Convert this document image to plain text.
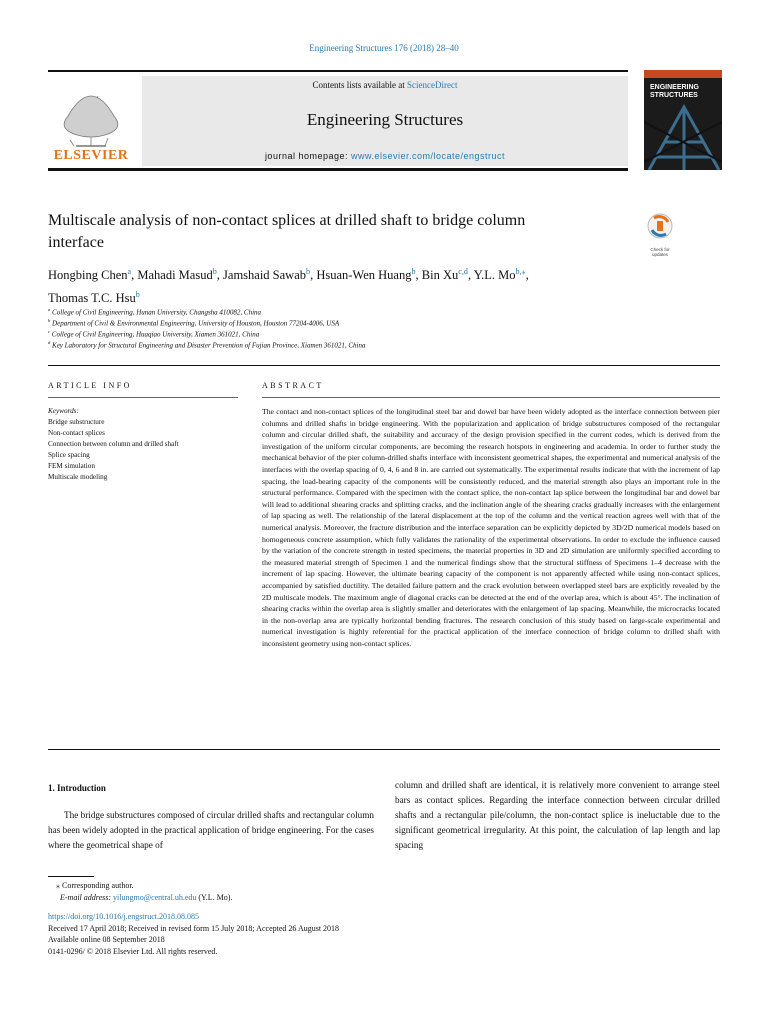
Engineering Structures 176 (2018) 28–40
ELSEVIER
Contents lists available at ScienceDirect
Engineering Structures
journal homepage: www.elsevier.com/locate/engstruct
ENGINEERING
STRUCTURES
Multiscale analysis of non-contact splices at drilled shaft to bridge column
interface	Check for
updates
Hongbing Chen$^a$, Mahadi Masud$^b$, Jamshaid Sawab$^b$, Hsuan-Wen Huang$^b$, Bin Xu$^{c,d}$, Y.L. $Mo^{b,⁎}$,
Thomas T.C. Hsu$^b$
$^a$ College of Civil Engineering, Hunan University, Changsha 410082, China
$^b$ Department of Civil & Environmental Engineering, University of Houston, Houston 77204-4006, USA
$^c$ College of Civil Engineering, Huaqiao University, Xiamen 361021, China
$^d$ Key Laboratory for Structural Engineering and Disaster Prevention of Fujian Province, Xiamen 361021, China
ARTICLE INFO
Keywords:
Bridge substructure
Non-contact splices
Connection between column and drilled shaft
Splice spacing
FEM simulation
Multiscale modeling
ABSTRACT
The contact and non-contact splices of the longitudinal steel bar and dowel bar have been widely adopted as the interface connection between pier columns and drilled shafts in bridge engineering. With the popularization and application of bridge substructures composed of the rectangular column and circular drilled shaft, the suitability and accuracy of the design provision specified in the current codes, which is derived from the investigation of the uniform circular components, are becoming the research hotspots in engineering and academia. In order to further study the mechanical behavior of the pier column-drilled shafts interface with inconsistent geometrical shapes, the experimental and numerical analysis of the interfaces with the overlap spacing of 0, 4, 6 and 8 in. are carried out systematically. The experimental results indicate that with the increment of lap spacing, the load-bearing capacity of the components will be consistently reduced, and the material strength also plays an important role in the structural performance. Compared with the specimen with the contact splice, the non-contact lap splice between the longitudinal bar and dowel bar will lead to additional shearing cracks and splitting cracks, and the inclination angle of the shearing cracks gradually increases with the enlargement of lap spacing as well. The relationship of the lateral displacement at the top of the column and the vertical reaction agrees well with that of the numerical analysis. Moreover, the fracture distribution and the interface separation can be explicitly depicted by 3D/2D numerical models based on homogeneous concrete assumption, which fully validates the rationality of the experimental observations. In order to exclude the influence caused by the variation of the concrete strength in tested specimens, the material properties in 3D and 2D simulation are uniformly specified according to the measured material strength of Specimen 1 and the numerical findings show that the structural stiffness of Specimens 1–4 decrease with the increment of lap spacing. However, the ultimate bearing capacity of the component is not apparently affected while using non-contact splices, accompanied by satisfied ductility. The detailed failure pattern and the crack evolution between overlapped steel bars are explicitly revealed by the 2D multiscale models. The maximum angle of diagonal cracks can be detected at the end of the overlap area, which is about 45°. The inclination of shearing cracks within the overlap area is slightly smaller and deteriorates with the enlargement of lap spacing. Meanwhile, the microcracks located in the non-overlap area are typically horizontal bending fractures. The research conclusion of this study based on large-scale experimental and numerical investigation is highly referential for the practical application of the interface connection of bridge column to drilled shaft with inconsistent geometry using non-contact splices.
1. Introduction
The bridge substructures composed of circular drilled shafts and rectangular column has been widely adopted in the practical application of bridge engineering. For the cases where the geometrical shape of
column and drilled shaft are identical, it is relatively more convenient to arrange steel bars as contact splices. Regarding the interface connection between circular drilled shafts and a rectangular pile/column, the non-contact splice is ineluctable due to the significant geometrical irregularity. At this point, the calculation of lap length and lap spacing
⁎ Corresponding author.
E-mail address: yilungmo@central.uh.edu (Y.L. Mo).
https://doi.org/10.1016/j.engstruct.2018.08.085
Received 17 April 2018; Received in revised form 15 July 2018; Accepted 26 August 2018
Available online 08 September 2018
0141-0296/ © 2018 Elsevier Ltd. All rights reserved.
